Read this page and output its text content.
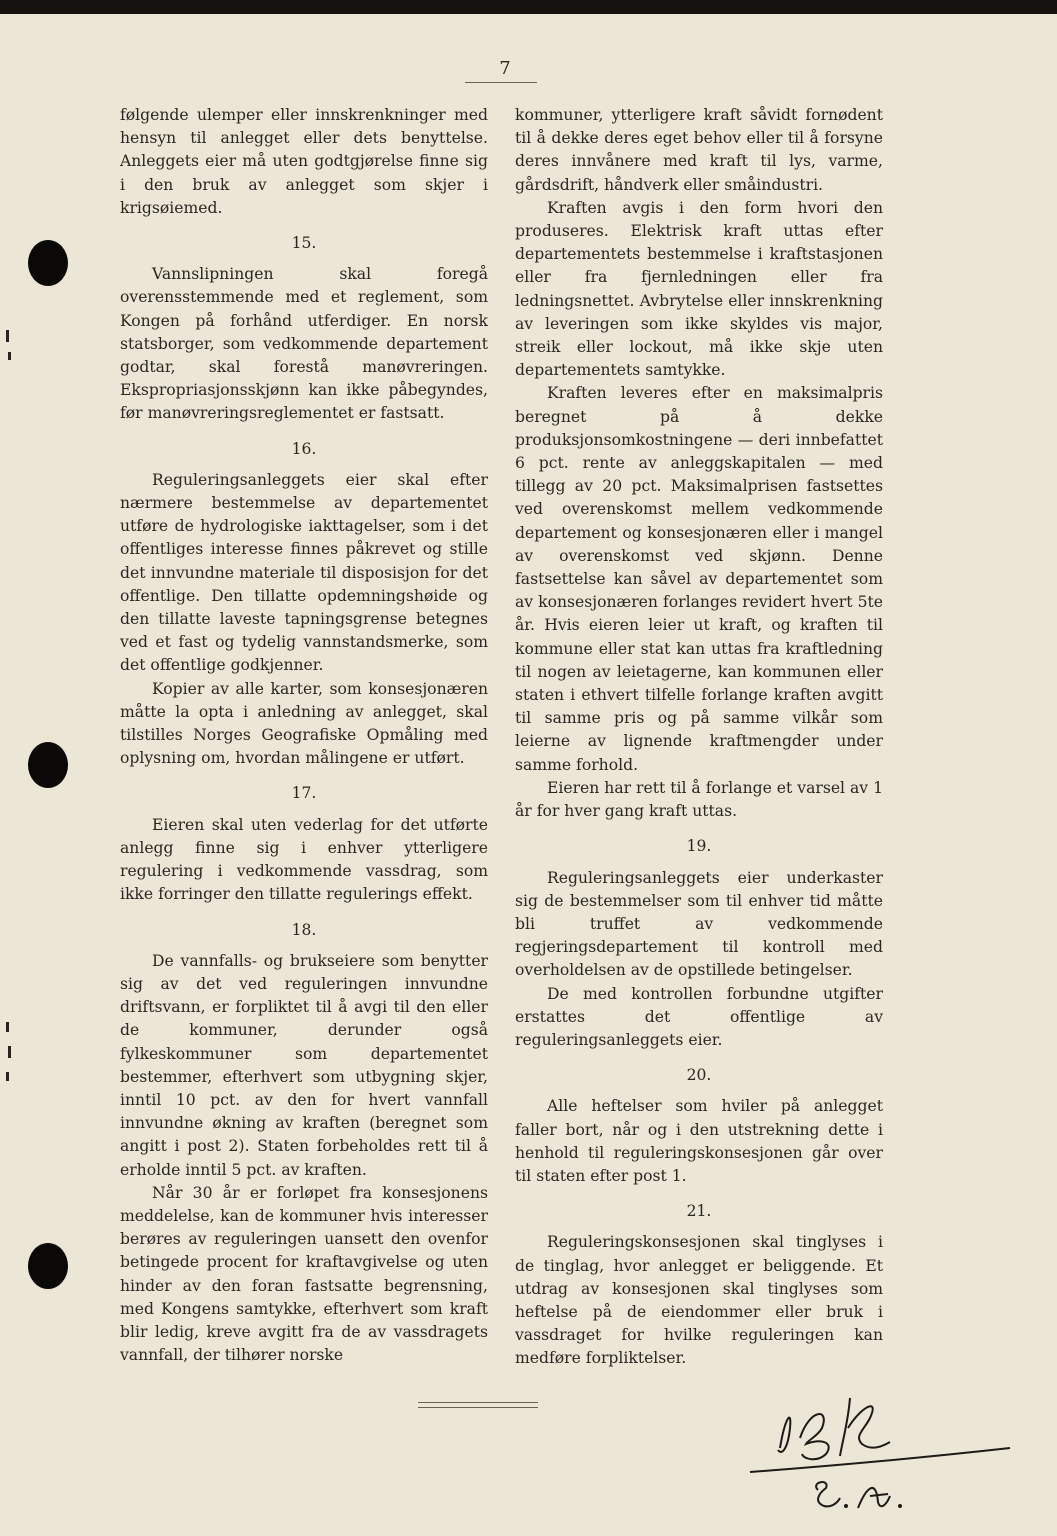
7

følgende ulemper eller innskrenkninger med hensyn til anlegget eller dets benyttelse. Anleggets eier må uten godtgjørelse finne sig i den bruk av anlegget som skjer i krigsøiemed.

15.

Vannslipningen skal foregå overensstemmende med et reglement, som Kongen på forhånd utferdiger. En norsk statsborger, som vedkommende departement godtar, skal forestå manøvreringen. Ekspropriasjonsskjønn kan ikke påbegyndes, før manøvreringsreglementet er fastsatt.

16.

Reguleringsanleggets eier skal efter nærmere bestemmelse av departementet utføre de hydrologiske iakttagelser, som i det offentliges interesse finnes påkrevet og stille det innvundne materiale til disposisjon for det offentlige. Den tillatte opdemningshøide og den tillatte laveste tapningsgrense betegnes ved et fast og tydelig vannstandsmerke, som det offentlige godkjenner.

Kopier av alle karter, som konsesjonæren måtte la opta i anledning av anlegget, skal tilstilles Norges Geografiske Opmåling med oplysning om, hvordan målingene er utført.

17.

Eieren skal uten vederlag for det utførte anlegg finne sig i enhver ytterligere regulering i vedkommende vassdrag, som ikke forringer den tillatte regulerings effekt.

18.

De vannfalls- og brukseiere som benytter sig av det ved reguleringen innvundne driftsvann, er forpliktet til å avgi til den eller de kommuner, derunder også fylkeskommuner som departementet bestemmer, efterhvert som utbygning skjer, inntil 10 pct. av den for hvert vannfall innvundne økning av kraften (beregnet som angitt i post 2). Staten forbeholdes rett til å erholde inntil 5 pct. av kraften.

Når 30 år er forløpet fra konsesjonens meddelelse, kan de kommuner hvis interesser berøres av reguleringen uansett den ovenfor betingede procent for kraftavgivelse og uten hinder av den foran fastsatte begrensning, med Kongens samtykke, efterhvert som kraft blir ledig, kreve avgitt fra de av vassdragets vannfall, der tilhører norske

kommuner, ytterligere kraft såvidt fornødent til å dekke deres eget behov eller til å forsyne deres innvånere med kraft til lys, varme, gårdsdrift, håndverk eller småindustri.

Kraften avgis i den form hvori den produseres. Elektrisk kraft uttas efter departementets bestemmelse i kraftstasjonen eller fra fjernledningen eller fra ledningsnettet. Avbrytelse eller innskrenkning av leveringen som ikke skyldes vis major, streik eller lockout, må ikke skje uten departementets samtykke.

Kraften leveres efter en maksimalpris beregnet på å dekke produksjonsomkostningene — deri innbefattet 6 pct. rente av anleggskapitalen — med tillegg av 20 pct. Maksimalprisen fastsettes ved overenskomst mellem vedkommende departement og konsesjonæren eller i mangel av overenskomst ved skjønn. Denne fastsettelse kan såvel av departementet som av konsesjonæren forlanges revidert hvert 5te år. Hvis eieren leier ut kraft, og kraften til kommune eller stat kan uttas fra kraftledning til nogen av leietagerne, kan kommunen eller staten i ethvert tilfelle forlange kraften avgitt til samme pris og på samme vilkår som leierne av lignende kraftmengder under samme forhold.

Eieren har rett til å forlange et varsel av 1 år for hver gang kraft uttas.

19.

Reguleringsanleggets eier underkaster sig de bestemmelser som til enhver tid måtte bli truffet av vedkommende regjeringsdepartement til kontroll med overholdelsen av de opstillede betingelser.

De med kontrollen forbundne utgifter erstattes det offentlige av reguleringsanleggets eier.

20.

Alle heftelser som hviler på anlegget faller bort, når og i den utstrekning dette i henhold til reguleringskonsesjonen går over til staten efter post 1.

21.

Reguleringskonsesjonen skal tinglyses i de tinglag, hvor anlegget er beliggende. Et utdrag av konsesjonen skal tinglyses som heftelse på de eiendommer eller bruk i vassdraget for hvilke reguleringen kan medføre forpliktelser.
